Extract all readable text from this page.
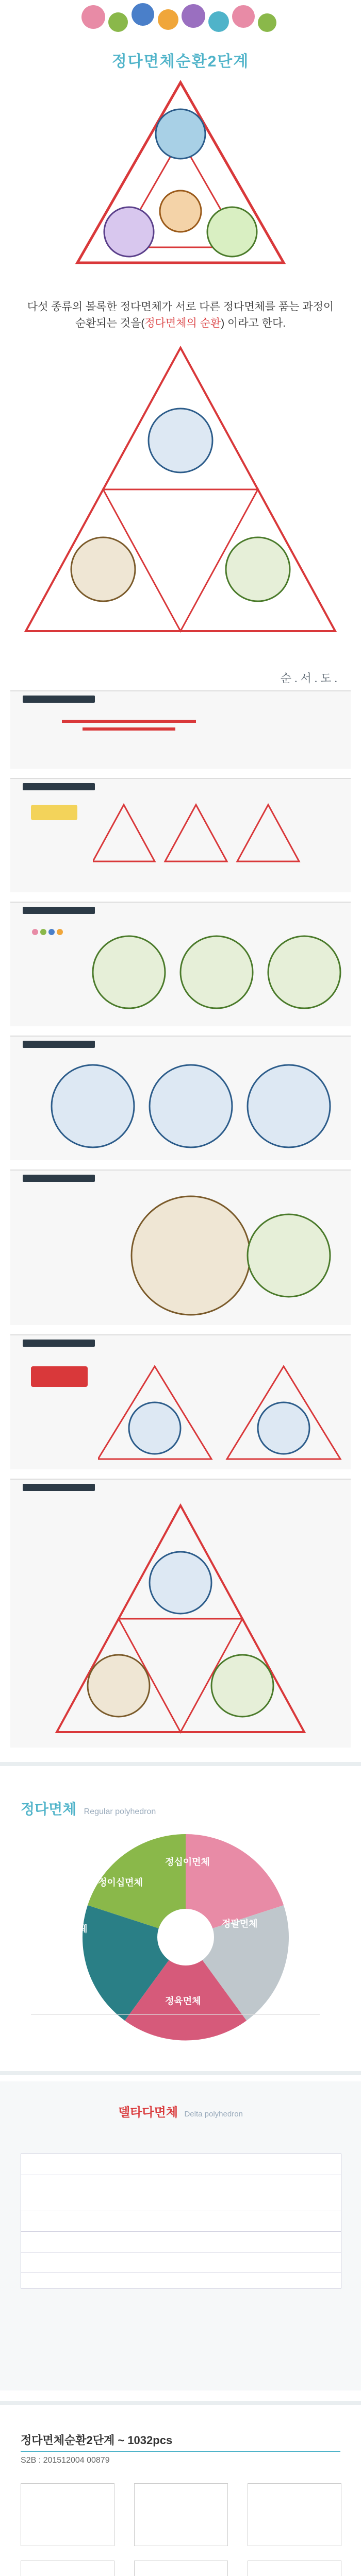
정다면체순환2단계
다섯 종류의 볼록한 정다면체가 서로 다른 정다면체를 품는 과정이
순환되는 것을(정다면체의 순환) 이라고 한다.
순.서.도.
정다면체 Regular polyhedron
정사면체
정이십면체
정십이면체
정팔면체
정육면체
델타다면체 Delta polyhedron
정다면체순환2단계 ~ 1032pcs
S2B : 201512004 00879
